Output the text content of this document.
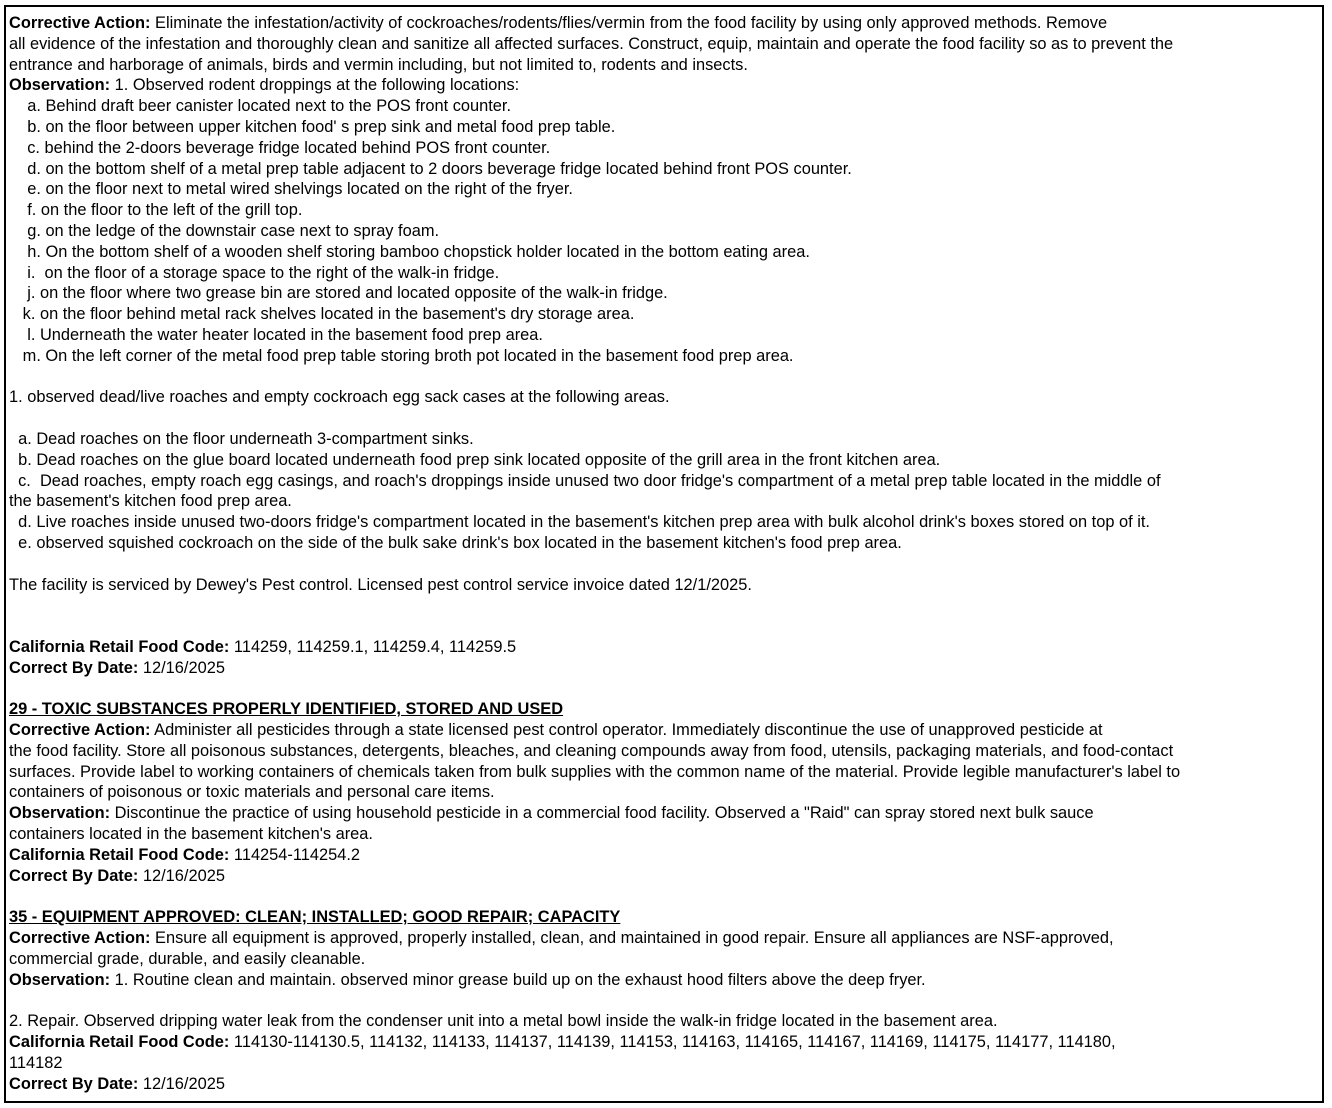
Corrective Action: Eliminate the infestation/activity of cockroaches/rodents/flies/vermin from the food facility by using only approved methods. Remove
all evidence of the infestation and thoroughly clean and sanitize all affected surfaces. Construct, equip, maintain and operate the food facility so as to prevent the
entrance and harborage of animals, birds and vermin including, but not limited to, rodents and insects.
Observation: 1. Observed rodent droppings at the following locations:
a. Behind draft beer canister located next to the POS front counter.
b. on the floor between upper kitchen food' s prep sink and metal food prep table.
c. behind the 2-doors beverage fridge located behind POS front counter.
d. on the bottom shelf of a metal prep table adjacent to 2 doors beverage fridge located behind front POS counter.
e. on the floor next to metal wired shelvings located on the right of the fryer.
f. on the floor to the left of the grill top.
g. on the ledge of the downstair case next to spray foam.
h. On the bottom shelf of a wooden shelf storing bamboo chopstick holder located in the bottom eating area.
i.  on the floor of a storage space to the right of the walk-in fridge.
j. on the floor where two grease bin are stored and located opposite of the walk-in fridge.
k. on the floor behind metal rack shelves located in the basement's dry storage area.
l. Underneath the water heater located in the basement food prep area.
m. On the left corner of the metal food prep table storing broth pot located in the basement food prep area.
1. observed dead/live roaches and empty cockroach egg sack cases at the following areas.
a. Dead roaches on the floor underneath 3-compartment sinks.
b. Dead roaches on the glue board located underneath food prep sink located opposite of the grill area in the front kitchen area.
c.  Dead roaches, empty roach egg casings, and roach's droppings inside unused two door fridge's compartment of a metal prep table located in the middle of
the basement's kitchen food prep area.
d. Live roaches inside unused two-doors fridge's compartment located in the basement's kitchen prep area with bulk alcohol drink's boxes stored on top of it.
e. observed squished cockroach on the side of the bulk sake drink's box located in the basement kitchen's food prep area.
The facility is serviced by Dewey's Pest control. Licensed pest control service invoice dated 12/1/2025.
California Retail Food Code: 114259, 114259.1, 114259.4, 114259.5
Correct By Date: 12/16/2025
29 - TOXIC SUBSTANCES PROPERLY IDENTIFIED, STORED AND USED
Corrective Action: Administer all pesticides through a state licensed pest control operator. Immediately discontinue the use of unapproved pesticide at
the food facility. Store all poisonous substances, detergents, bleaches, and cleaning compounds away from food, utensils, packaging materials, and food-contact
surfaces. Provide label to working containers of chemicals taken from bulk supplies with the common name of the material. Provide legible manufacturer's label to
containers of poisonous or toxic materials and personal care items.
Observation: Discontinue the practice of using household pesticide in a commercial food facility. Observed a "Raid" can spray stored next bulk sauce
containers located in the basement kitchen's area.
California Retail Food Code: 114254-114254.2
Correct By Date: 12/16/2025
35 - EQUIPMENT APPROVED: CLEAN; INSTALLED; GOOD REPAIR; CAPACITY
Corrective Action: Ensure all equipment is approved, properly installed, clean, and maintained in good repair. Ensure all appliances are NSF-approved,
commercial grade, durable, and easily cleanable.
Observation: 1. Routine clean and maintain. observed minor grease build up on the exhaust hood filters above the deep fryer.
2. Repair. Observed dripping water leak from the condenser unit into a metal bowl inside the walk-in fridge located in the basement area.
California Retail Food Code: 114130-114130.5, 114132, 114133, 114137, 114139, 114153, 114163, 114165, 114167, 114169, 114175, 114177, 114180,
114182
Correct By Date: 12/16/2025
